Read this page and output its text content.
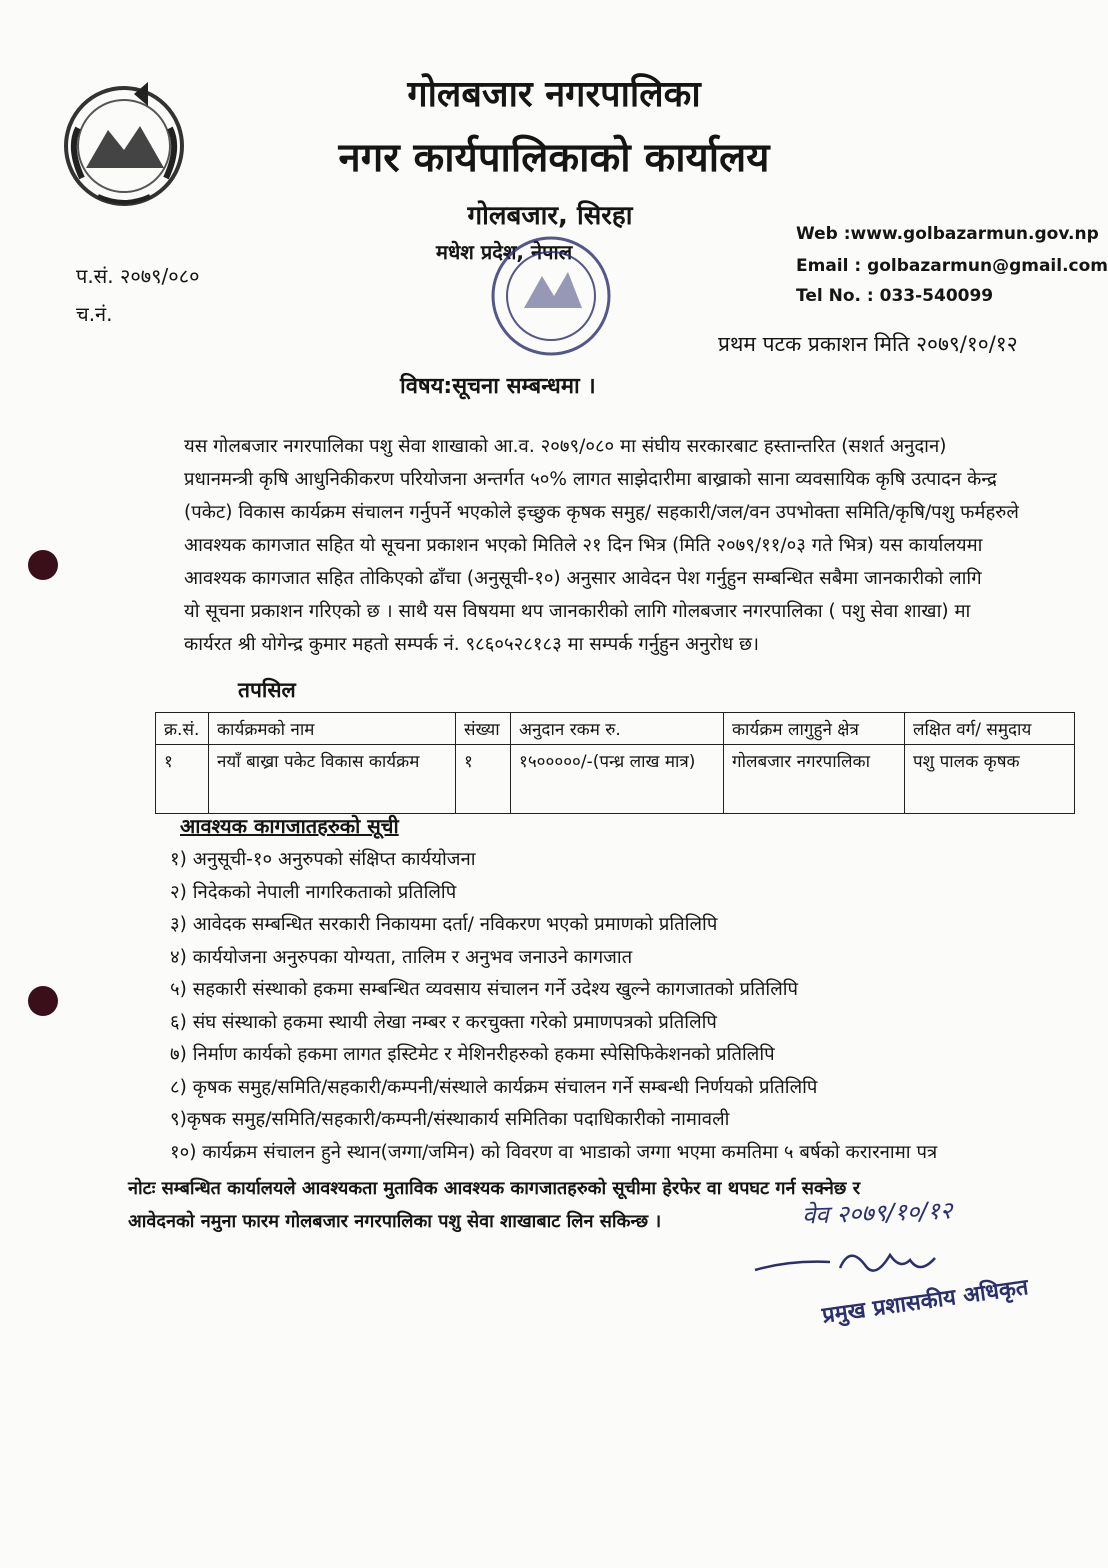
गोलबजार नगरपालिका
नगर कार्यपालिकाको कार्यालय
गोलबजार, सिरहा
मधेश प्रदेश, नेपाल
प.सं. २०७९/०८०
च.नं.
Web :www.golbazarmun.gov.np
Email : golbazarmun@gmail.com
Tel No. : 033-540099
प्रथम पटक प्रकाशन मिति २०७९/१०/१२
विषय:सूचना सम्बन्धमा ।

यस गोलबजार नगरपालिका पशु सेवा शाखाको आ.व. २०७९/०८० मा संघीय सरकारबाट हस्तान्तरित (सशर्त अनुदान)

प्रधानमन्त्री कृषि आधुनिकीकरण परियोजना अन्तर्गत ५०% लागत साझेदारीमा बाख्राको साना व्यवसायिक कृषि उत्पादन केन्द्र

(पकेट) विकास कार्यक्रम संचालन गर्नुपर्ने भएकोले इच्छुक कृषक समुह/ सहकारी/जल/वन उपभोक्ता समिति/कृषि/पशु फर्महरुले

आवश्यक कागजात सहित यो सूचना प्रकाशन भएको मितिले २१ दिन भित्र (मिति २०७९/११/०३ गते भित्र) यस कार्यालयमा

आवश्यक कागजात सहित तोकिएको ढाँचा (अनुसूची-१०) अनुसार आवेदन पेश गर्नुहुन सम्बन्धित सबैमा जानकारीको लागि

यो सूचना प्रकाशन गरिएको छ । साथै यस विषयमा थप जानकारीको लागि गोलबजार नगरपालिका ( पशु सेवा शाखा) मा

कार्यरत श्री योगेन्द्र कुमार महतो सम्पर्क नं. ९८६०५२८१८३ मा सम्पर्क गर्नुहुन अनुरोध छ।

तपसिल
क्र.सं.	कार्यक्रमको नाम	संख्या	अनुदान रकम रु.	कार्यक्रम लागुहुने क्षेत्र	लक्षित वर्ग/ समुदाय
१	नयाँ बाख्रा पकेट विकास कार्यक्रम	१	१५०००००/-(पन्ध्र लाख मात्र)	गोलबजार नगरपालिका	पशु पालक कृषक
आवश्यक कागजातहरुको सूची
१) अनुसूची-१० अनुरुपको संक्षिप्त कार्ययोजना
२) निदेकको नेपाली नागरिकताको प्रतिलिपि
३) आवेदक सम्बन्धित सरकारी निकायमा दर्ता/ नविकरण भएको प्रमाणको प्रतिलिपि
४) कार्ययोजना अनुरुपका योग्यता, तालिम र अनुभव जनाउने कागजात
५) सहकारी संस्थाको हकमा सम्बन्धित व्यवसाय संचालन गर्ने उदेश्य खुल्ने कागजातको प्रतिलिपि
६) संघ संस्थाको हकमा स्थायी लेखा नम्बर र करचुक्ता गरेको प्रमाणपत्रको प्रतिलिपि
७) निर्माण कार्यको हकमा लागत इस्टिमेट र मेशिनरीहरुको हकमा स्पेसिफिकेशनको प्रतिलिपि
८) कृषक समुह/समिति/सहकारी/कम्पनी/संस्थाले कार्यक्रम संचालन गर्ने सम्बन्धी निर्णयको प्रतिलिपि
९)कृषक समुह/समिति/सहकारी/कम्पनी/संस्थाकार्य समितिका पदाधिकारीको नामावली
१०) कार्यक्रम संचालन हुने स्थान(जग्गा/जमिन) को विवरण वा भाडाको जग्गा भएमा कमतिमा ५ बर्षको करारनामा पत्र

नोटः सम्बन्धित कार्यालयले आवश्यकता मुताविक आवश्यक कागजातहरुको सूचीमा हेरफेर वा थपघट गर्न सक्नेछ र

आवेदनको नमुना फारम गोलबजार नगरपालिका पशु सेवा शाखाबाट लिन सकिन्छ ।	वेव २०७९/१०/१२
प्रमुख प्रशासकीय अधिकृत
